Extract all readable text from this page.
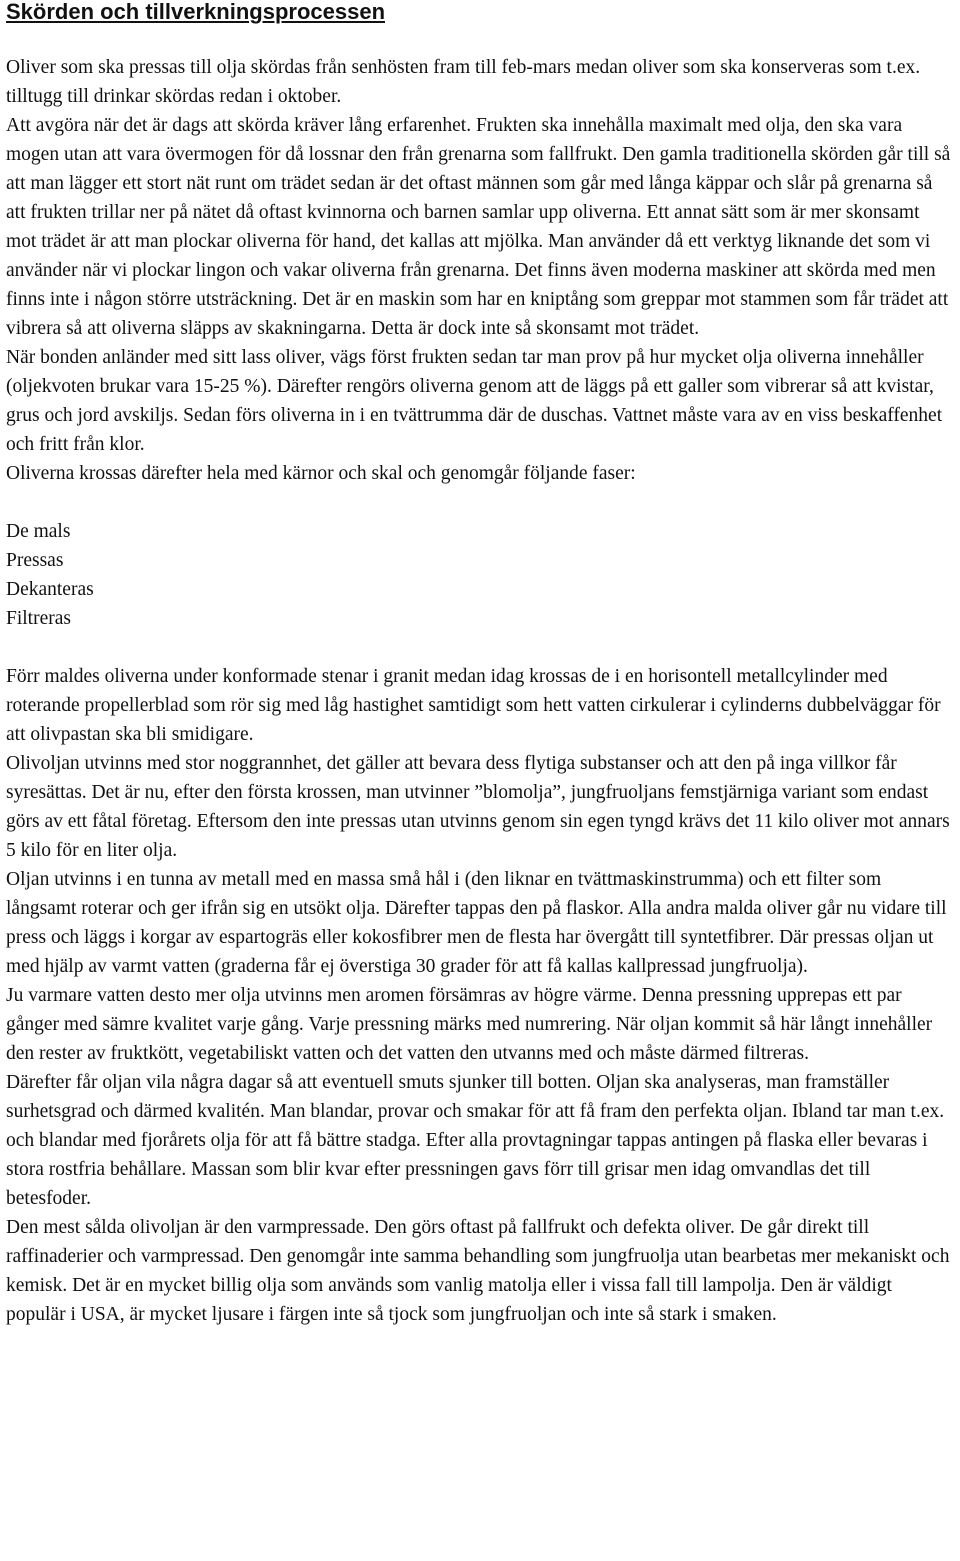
Skörden och tillverkningsprocessen

Oliver som ska pressas till olja skördas från senhösten fram till feb-mars medan oliver som ska konserveras som t.ex. tilltugg till drinkar skördas redan i oktober.

Att avgöra när det är dags att skörda kräver lång erfarenhet. Frukten ska innehålla maximalt med olja, den ska vara mogen utan att vara övermogen för då lossnar den från grenarna som fallfrukt. Den gamla traditionella skörden går till så att man lägger ett stort nät runt om trädet sedan är det oftast männen som går med långa käppar och slår på grenarna så att frukten trillar ner på nätet då oftast kvinnorna och barnen samlar upp oliverna. Ett annat sätt som är mer skonsamt mot trädet är att man plockar oliverna för hand, det kallas att mjölka. Man använder då ett verktyg liknande det som vi använder när vi plockar lingon och vakar oliverna från grenarna. Det finns även moderna maskiner att skörda med men finns inte i någon större utsträckning. Det är en maskin som har en kniptång som greppar mot stammen som får trädet att vibrera så att oliverna släpps av skakningarna. Detta är dock inte så skonsamt mot trädet.

När bonden anländer med sitt lass oliver, vägs först frukten sedan tar man prov på hur mycket olja oliverna innehåller (oljekvoten brukar vara 15-25 %). Därefter rengörs oliverna genom att de läggs på ett galler som vibrerar så att kvistar, grus och jord avskiljs. Sedan förs oliverna in i en tvättrumma där de duschas. Vattnet måste vara av en viss beskaffenhet och fritt från klor.

Oliverna krossas därefter hela med kärnor och skal och genomgår följande faser:

De mals
Pressas
Dekanteras
Filtreras

Förr maldes oliverna under konformade stenar i granit medan idag krossas de i en horisontell metallcylinder med roterande propellerblad som rör sig med låg hastighet samtidigt som hett vatten cirkulerar i cylinderns dubbelväggar för att olivpastan ska bli smidigare.

Olivoljan utvinns med stor noggrannhet, det gäller att bevara dess flytiga substanser och att den på inga villkor får syresättas. Det är nu, efter den första krossen, man utvinner ”blomolja”, jungfruoljans femstjärniga variant som endast görs av ett fåtal företag. Eftersom den inte pressas utan utvinns genom sin egen tyngd krävs det 11 kilo oliver mot annars 5 kilo för en liter olja.

Oljan utvinns i en tunna av metall med en massa små hål i (den liknar en tvättmaskinstrumma) och ett filter som långsamt roterar och ger ifrån sig en utsökt olja. Därefter tappas den på flaskor. Alla andra malda oliver går nu vidare till press och läggs i korgar av espartogräs eller kokosfibrer men de flesta har övergått till syntetfibrer. Där pressas oljan ut med hjälp av varmt vatten (graderna får ej överstiga 30 grader för att få kallas kallpressad jungfruolja).

Ju varmare vatten desto mer olja utvinns men aromen försämras av högre värme. Denna pressning upprepas ett par gånger med sämre kvalitet varje gång. Varje pressning märks med numrering. När oljan kommit så här långt innehåller den rester av fruktkött, vegetabiliskt vatten och det vatten den utvanns med och måste därmed filtreras.

Därefter får oljan vila några dagar så att eventuell smuts sjunker till botten. Oljan ska analyseras, man framställer surhetsgrad och därmed kvalitén. Man blandar, provar och smakar för att få fram den perfekta oljan. Ibland tar man t.ex. och blandar med fjorårets olja för att få bättre stadga. Efter alla provtagningar tappas antingen på flaska eller bevaras i stora rostfria behållare. Massan som blir kvar efter pressningen gavs förr till grisar men idag omvandlas det till betesfoder.

Den mest sålda olivoljan är den varmpressade. Den görs oftast på fallfrukt och defekta oliver. De går direkt till raffinaderier och varmpressad. Den genomgår inte samma behandling som jungfruolja utan bearbetas mer mekaniskt och kemisk. Det är en mycket billig olja som används som vanlig matolja eller i vissa fall till lampolja. Den är väldigt populär i USA, är mycket ljusare i färgen inte så tjock som jungfruoljan och inte så stark i smaken.
